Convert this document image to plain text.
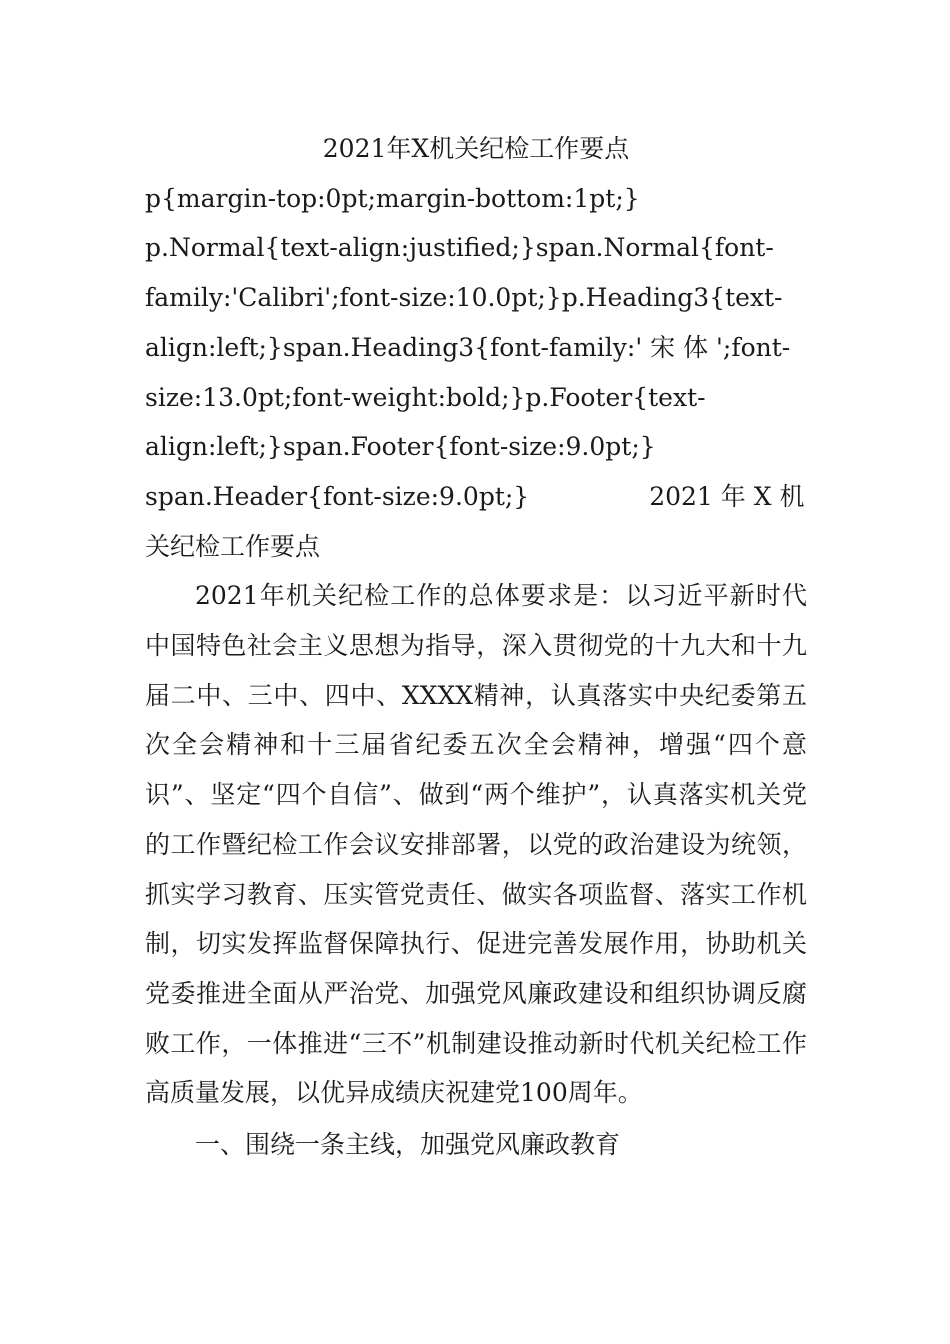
2021年X机关纪检工作要点

p{margin-top:0pt;margin-bottom:1pt;}

p.Normal{text-align:justified;}span.Normal{font-

family:'Calibri';font-size:10.0pt;}p.Heading3{text-

align:left;}span.Heading3{font-family:' 宋 体 ';font-

size:13.0pt;font-weight:bold;}p.Footer{text-

align:left;}span.Footer{font-size:9.0pt;}

span.Header{font-size:9.0pt;}	2021 年 X 机

关纪检工作要点

2021年机关纪检工作的总体要求是：以习近平新时代中国特色社会主义思想为指导，深入贯彻党的十九大和十九届二中、三中、四中、XXXX精神，认真落实中央纪委第五次全会精神和十三届省纪委五次全会精神，增强“四个意识”、坚定“四个自信”、做到“两个维护”，认真落实机关党的工作暨纪检工作会议安排部署，以党的政治建设为统领，抓实学习教育、压实管党责任、做实各项监督、落实工作机制，切实发挥监督保障执行、促进完善发展作用，协助机关党委推进全面从严治党、加强党风廉政建设和组织协调反腐败工作，一体推进“三不”机制建设推动新时代机关纪检工作高质量发展，以优异成绩庆祝建党100周年。

一、围绕一条主线，加强党风廉政教育
